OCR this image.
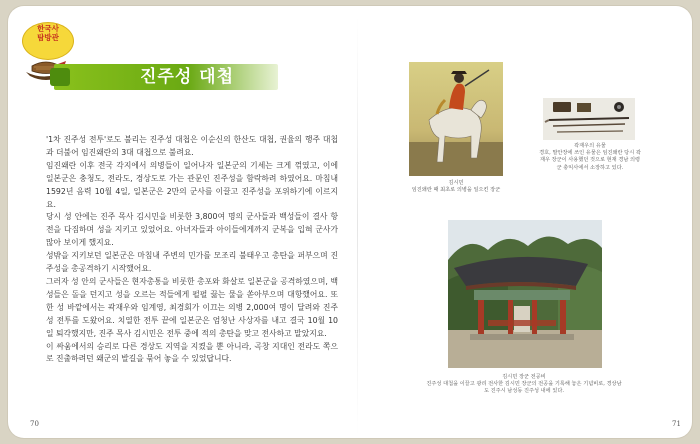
한국사
탐방관
진주성 대첩

'1차 진주성 전투'로도 불리는 진주성 대첩은 이순신의 한산도 대첩, 권율의 행주 대첩과 더불어 임진왜란의 3대 대첩으로 불려요.

임진왜란 이후 전국 각지에서 의병들이 일어나자 일본군의 기세는 크게 꺾였고, 이에 일본군은 충청도, 전라도, 경상도로 가는 관문인 진주성을 함락하려 하였어요. 마침내 1592년 음력 10월 4일, 일본군은 2만의 군사를 이끌고 진주성을 포위하기에 이르지요.

당시 성 안에는 진주 목사 김시민을 비롯한 3,800여 명의 군사들과 백성들이 결사 항전을 다짐하며 성을 지키고 있었어요. 아녀자들과 아이들에게까지 군복을 입혀 군사가 많아 보이게 했지요.

성밖을 지키보던 일본군은 마침내 주변의 민가를 모조리 불태우고 총탄을 퍼부으며 진주성을 총공격하기 시작했어요.

그러자 성 안의 군사들은 현자총통을 비롯한 총포와 화살로 일본군을 공격하였으며, 백성들은 돌을 던지고 성을 오르는 적들에게 펄펄 끓는 물을 쏟아부으며 대항했어요. 또한 성 바깥에서는 곽재우와 임계영, 최경회가 이끄는 의병 2,000여 명이 달려와 진주성 전투를 도왔어요. 치열한 전투 끝에 일본군은 엄청난 사상자를 내고 결국 10월 10일 퇴각했지만, 진주 목사 김시민은 전투 중에 적의 총탄을 맞고 전사하고 말았지요.

이 싸움에서의 승리로 다른 경상도 지역을 지켰을 뿐 아니라, 곡창 지대인 전라도 쪽으로 진출하려던 왜군의 발길을 묶어 놓을 수 있었답니다.

70	71
김시민
임진왜란 때 최초로 의병을 일으킨 장군
곽재우의 유물
경호, 말안장에 쓰인 유물은 임진왜란 당시 곽재우 장군이 사용했던 것으로 현재 경남 의령군 충익사에서 소장하고 있다.
김시민 장군 전공비
진주성 대첩을 이끌고 광리 전사한 김시민 장군의 전공을 기록해 놓은 기념비로, 경상남도 진주시 남성동 진주성 내에 있다.
